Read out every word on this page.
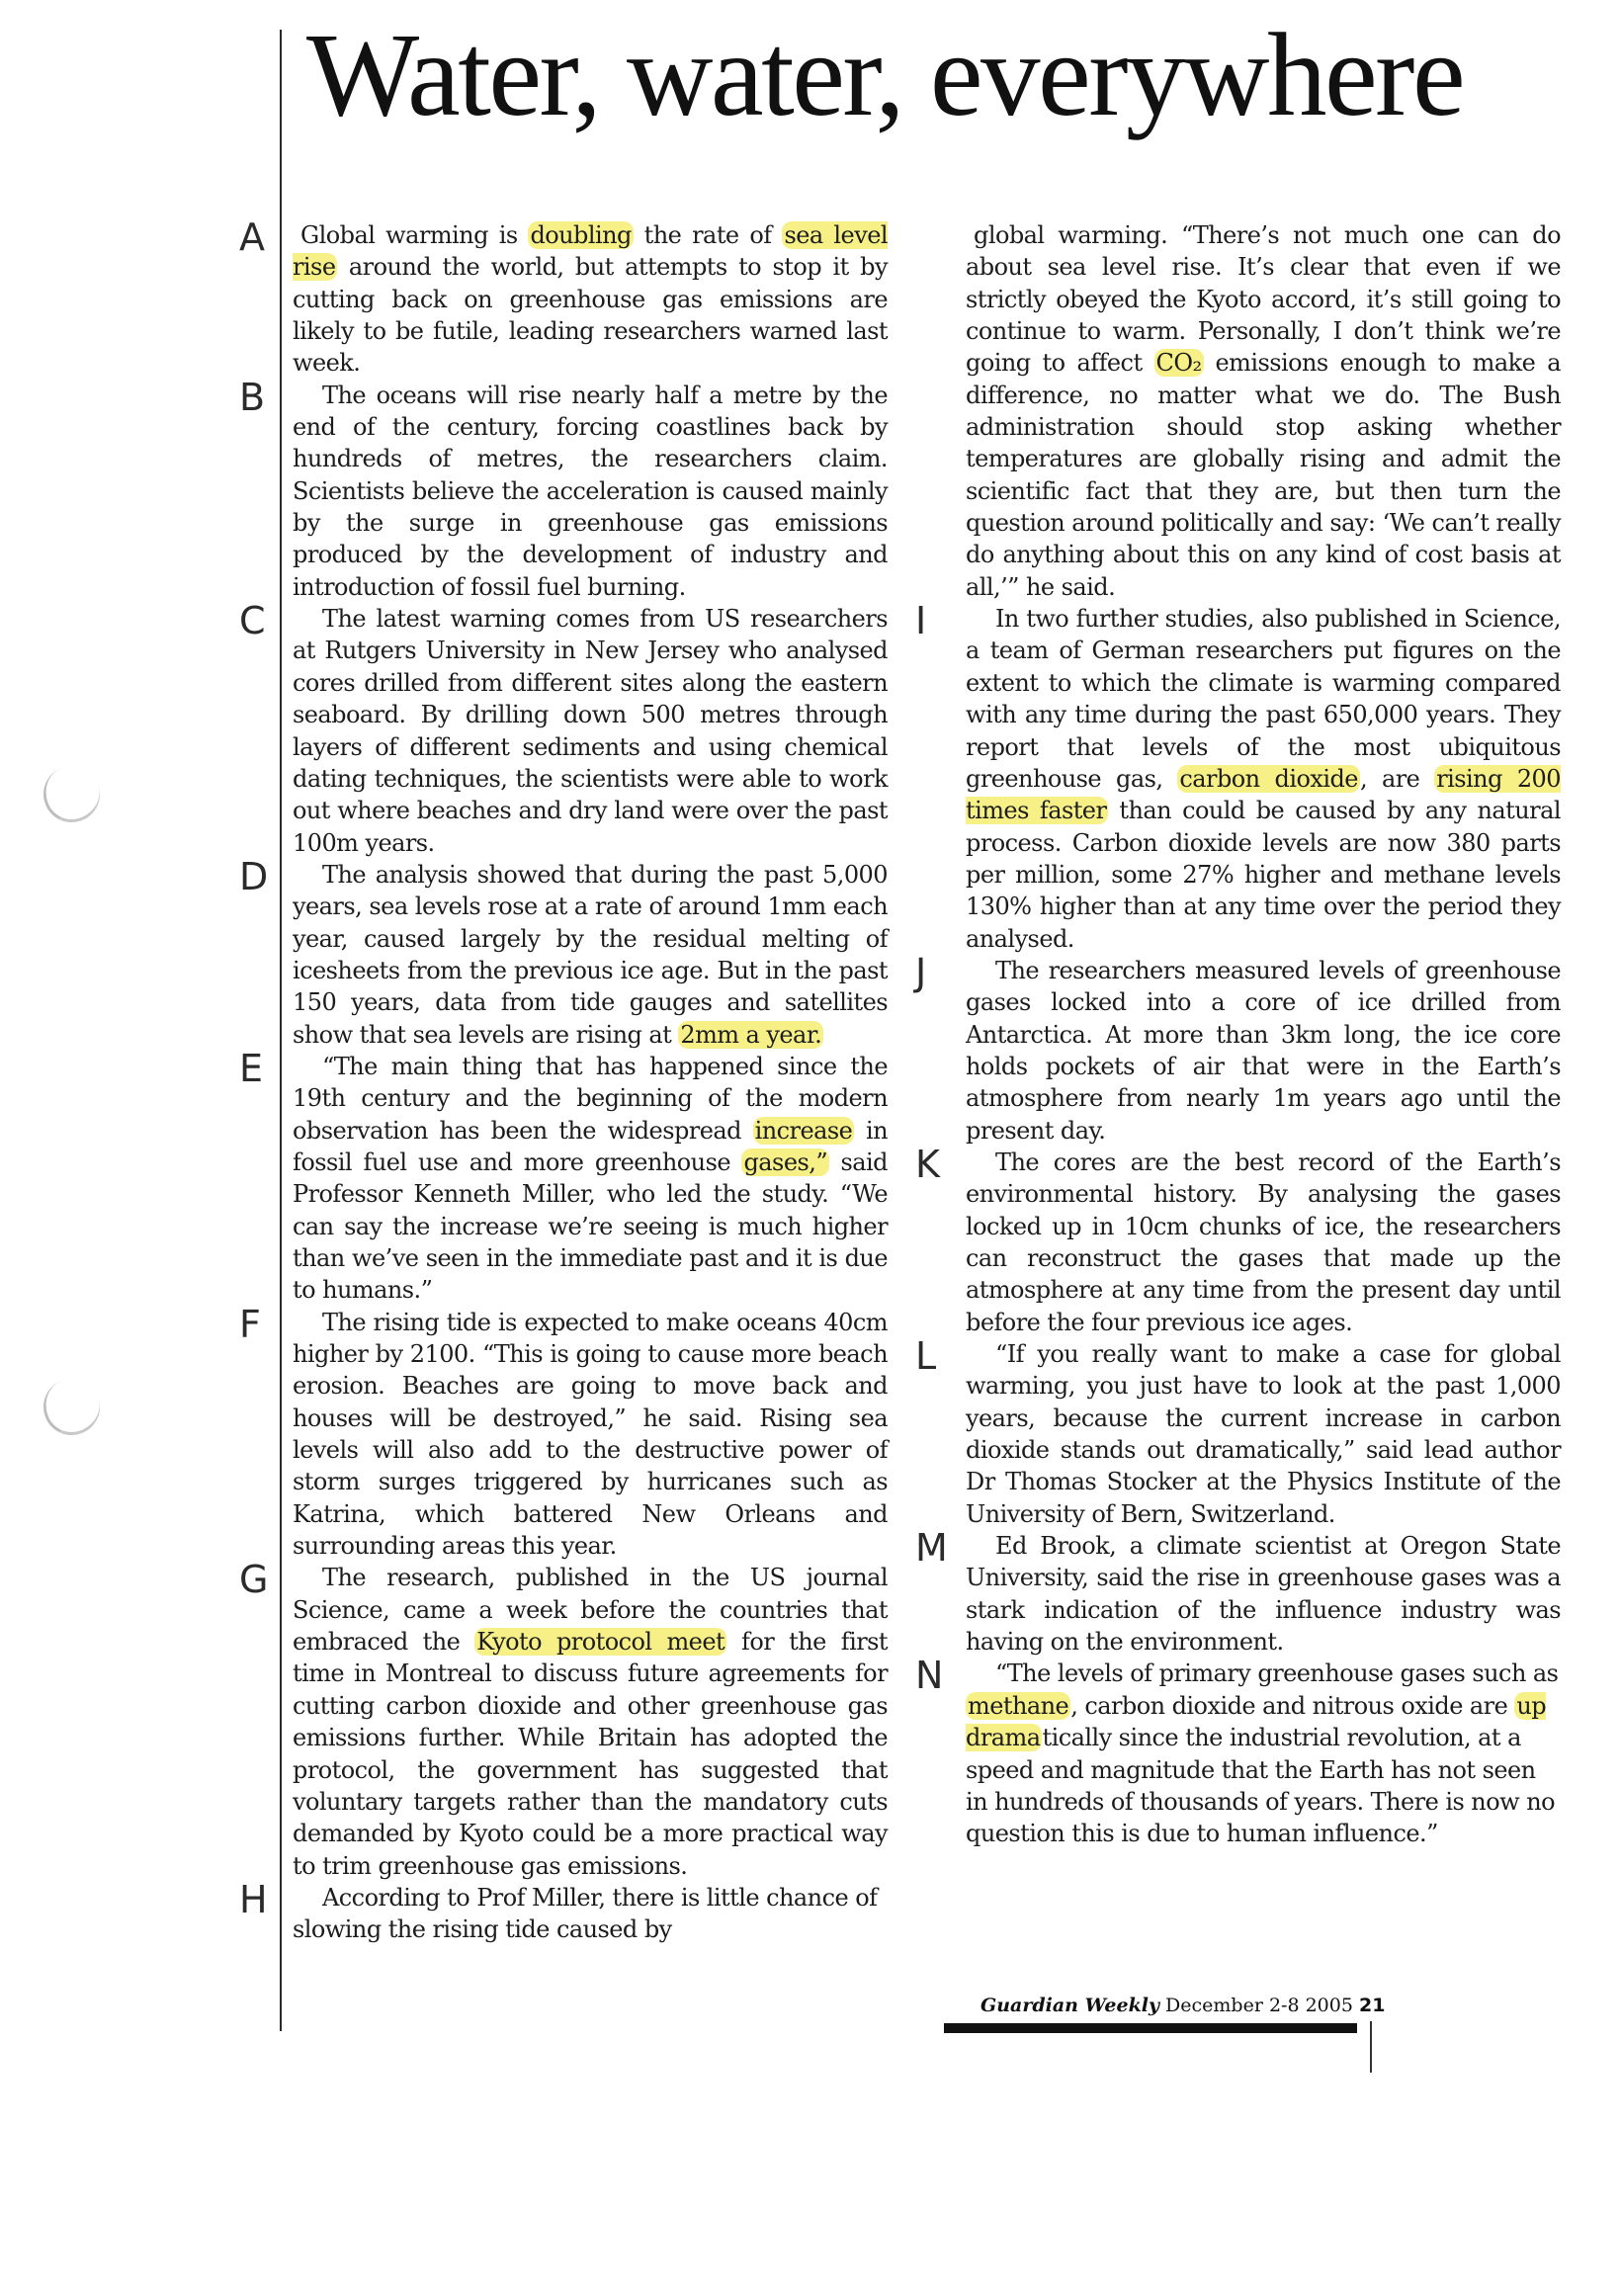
Water, water, everywhere

Global warming is doubling the rate of sea level rise around the world, but attempts to stop it by cutting back on greenhouse gas emissions are likely to be futile, leading researchers warned last week.

The oceans will rise nearly half a metre by the end of the century, forcing coastlines back by hundreds of metres, the researchers claim. Scientists believe the acceleration is caused mainly by the surge in greenhouse gas emissions produced by the development of industry and introduction of fossil fuel burning.

The latest warning comes from US researchers at Rutgers University in New Jersey who analysed cores drilled from different sites along the eastern seaboard. By drilling down 500 metres through layers of different sediments and using chemical dating techniques, the scientists were able to work out where beaches and dry land were over the past 100m years.

The analysis showed that during the past 5,000 years, sea levels rose at a rate of around 1mm each year, caused largely by the residual melting of icesheets from the previous ice age. But in the past 150 years, data from tide gauges and satellites show that sea levels are rising at 2mm a year.

“The main thing that has happened since the 19th century and the beginning of the modern observation has been the widespread increase in fossil fuel use and more greenhouse gases,” said Professor Kenneth Miller, who led the study. “We can say the increase we’re seeing is much higher than we’ve seen in the immediate past and it is due to humans.”

The rising tide is expected to make oceans 40cm higher by 2100. “This is going to cause more beach erosion. Beaches are going to move back and houses will be destroyed,” he said. Rising sea levels will also add to the destructive power of storm surges triggered by hurricanes such as Katrina, which battered New Orleans and surrounding areas this year.

The research, published in the US journal Science, came a week before the countries that embraced the Kyoto protocol meet for the first time in Montreal to discuss future agreements for cutting carbon dioxide and other greenhouse gas emissions further. While Britain has adopted the protocol, the government has suggested that voluntary targets rather than the mandatory cuts demanded by Kyoto could be a more practical way to trim greenhouse gas emissions.

According to Prof Miller, there is little chance of slowing the rising tide caused by

global warming. “There’s not much one can do about sea level rise. It’s clear that even if we strictly obeyed the Kyoto accord, it’s still going to continue to warm. Personally, I don’t think we’re going to affect CO₂ emissions enough to make a difference, no matter what we do. The Bush administration should stop asking whether temperatures are globally rising and admit the scientific fact that they are, but then turn the question around politically and say: ‘We can’t really do anything about this on any kind of cost basis at all,’” he said.

In two further studies, also published in Science, a team of German researchers put figures on the extent to which the climate is warming compared with any time during the past 650,000 years. They report that levels of the most ubiquitous greenhouse gas, carbon dioxide, are rising 200 times faster than could be caused by any natural process. Carbon dioxide levels are now 380 parts per million, some 27% higher and methane levels 130% higher than at any time over the period they analysed.

The researchers measured levels of greenhouse gases locked into a core of ice drilled from Antarctica. At more than 3km long, the ice core holds pockets of air that were in the Earth’s atmosphere from nearly 1m years ago until the present day.

The cores are the best record of the Earth’s environmental history. By analysing the gases locked up in 10cm chunks of ice, the researchers can reconstruct the gases that made up the atmosphere at any time from the present day until before the four previous ice ages.

“If you really want to make a case for global warming, you just have to look at the past 1,000 years, because the current increase in carbon dioxide stands out dramatically,” said lead author Dr Thomas Stocker at the Physics Institute of the University of Bern, Switzerland.

Ed Brook, a climate scientist at Oregon State University, said the rise in greenhouse gases was a stark indication of the influence industry was having on the environment.

“The levels of primary greenhouse gases such as methane, carbon dioxide and nitrous oxide are up dramatically since the industrial revolution, at a speed and magnitude that the Earth has not seen in hundreds of thousands of years. There is now no question this is due to human influence.”

Guardian Weekly December 2-8 2005 21
A
B
C
D
E
F
G
H
I
J
K
L
M
N
